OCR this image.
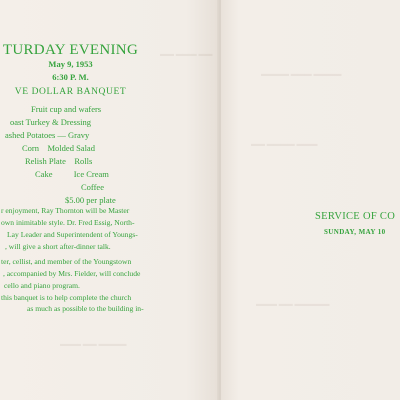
TURDAY EVENING
May 9, 1953
6:30 P. M.
VE DOLLAR BANQUET
Fruit cup and wafers
oast Turkey & Dressing
ashed Potatoes — Gravy
Corn    Molded Salad
Relish Plate    Rolls
Cake          Ice Cream
Coffee
$5.00 per plate
r enjoyment, Ray Thornton will be Master
own inimitable style. Dr. Fred Essig, North-
Lay Leader and Superintendent of Youngs-
, will give a short after-dinner talk.
ter, cellist, and member of the Youngstown
, accompanied by Mrs. Fielder, will conclude
cello and piano program.
this banquet is to help complete the church
as much as possible to the building in-
▬▬ ▬▬▬ ▬▬
▬▬▬ ▬▬ ▬▬▬▬
SERVICE OF CO
SUNDAY, MAY 10
▬▬▬▬ ▬▬▬ ▬▬▬▬
▬▬ ▬▬▬▬ ▬▬▬
▬▬▬ ▬▬ ▬▬▬▬▬
